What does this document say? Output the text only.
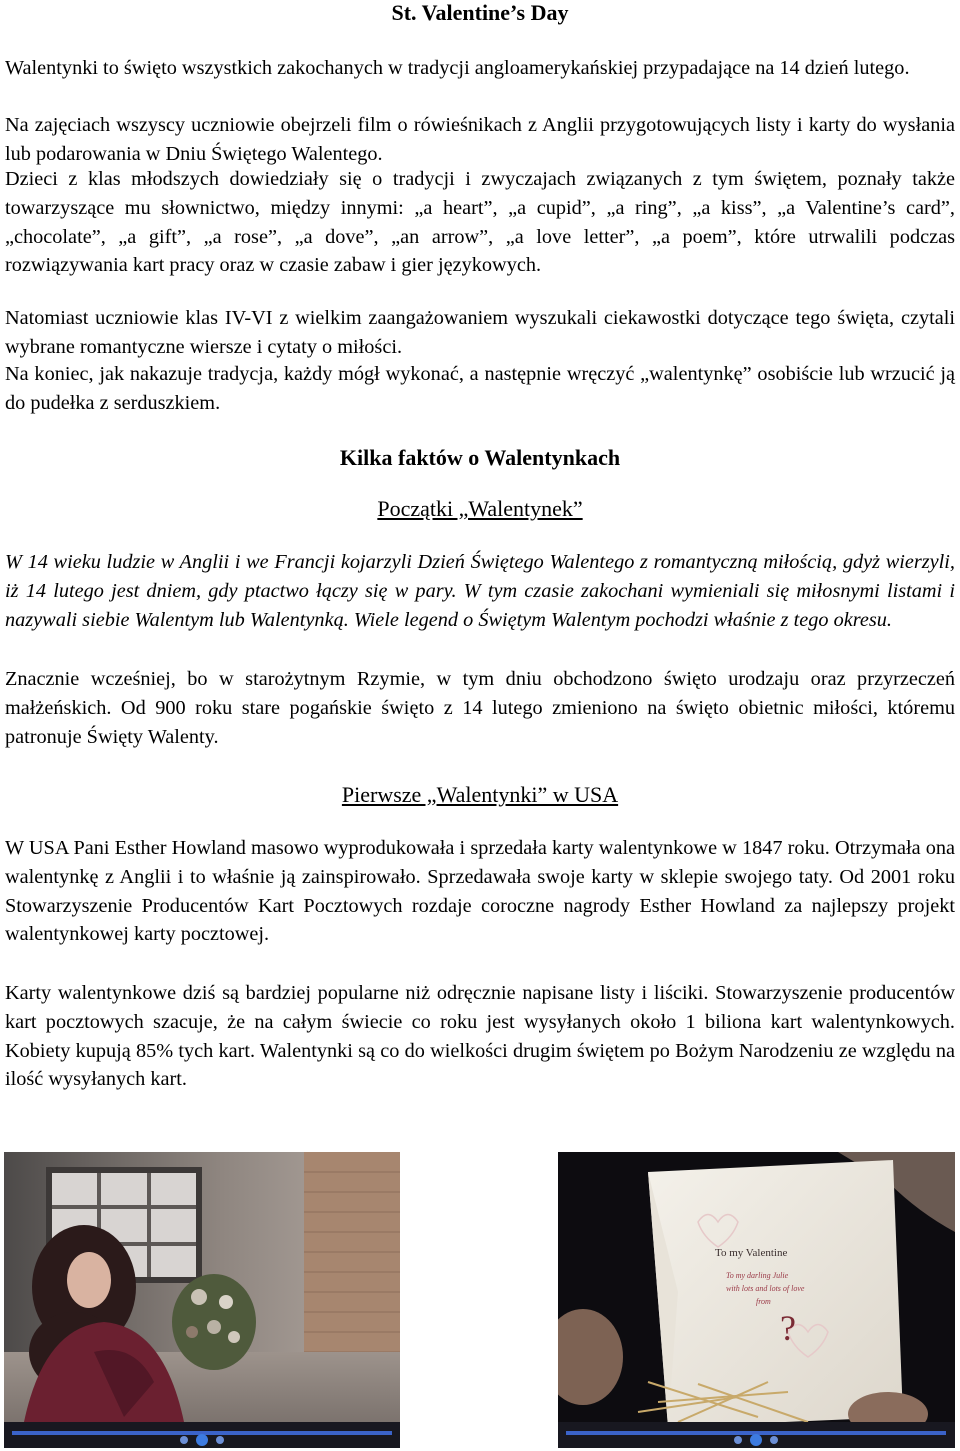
St. Valentine’s Day

Walentynki to święto wszystkich zakochanych w tradycji angloamerykańskiej przypadające na 14 dzień lutego.

Na zajęciach wszyscy uczniowie obejrzeli film o rówieśnikach z Anglii przygotowujących listy i karty do wysłania lub podarowania w Dniu Świętego Walentego.

Dzieci z klas młodszych dowiedziały się o tradycji i zwyczajach związanych z tym świętem, poznały także towarzyszące mu słownictwo, między innymi: „a heart”, „a cupid”, „a ring”, „a kiss”, „a Valentine’s card”, „chocolate”, „a gift”, „a rose”, „a dove”, „an arrow”, „a love letter”, „a poem”, które utrwalili podczas rozwiązywania kart pracy oraz w czasie zabaw i gier językowych.

Natomiast uczniowie klas IV-VI z wielkim zaangażowaniem wyszukali ciekawostki dotyczące tego święta, czytali wybrane romantyczne wiersze i cytaty o miłości.

Na koniec, jak nakazuje tradycja, każdy mógł wykonać, a następnie wręczyć „walentynkę” osobiście lub wrzucić ją do pudełka z serduszkiem.

Kilka faktów o Walentynkach
Początki „Walentynek”

W 14 wieku ludzie w Anglii i we Francji kojarzyli Dzień Świętego Walentego z romantyczną miłością, gdyż wierzyli, iż 14 lutego jest dniem, gdy ptactwo łączy się w pary. W tym czasie zakochani wymieniali się miłosnymi listami i nazywali siebie Walentym lub Walentynką. Wiele legend o Świętym Walentym pochodzi właśnie z tego okresu.

Znacznie wcześniej, bo w starożytnym Rzymie, w tym dniu obchodzono święto urodzaju oraz przyrzeczeń małżeńskich. Od 900 roku stare pogańskie święto z 14 lutego zmieniono na święto obietnic miłości, któremu patronuje Święty Walenty.

Pierwsze „Walentynki” w USA

W USA Pani Esther Howland masowo wyprodukowała i sprzedała karty walentynkowe w 1847 roku. Otrzymała ona walentynkę z Anglii i to właśnie ją zainspirowało. Sprzedawała swoje karty w sklepie swojego taty. Od 2001 roku Stowarzyszenie Producentów Kart Pocztowych rozdaje coroczne nagrody Esther Howland za najlepszy projekt walentynkowej karty pocztowej.

Karty walentynkowe dziś są bardziej popularne niż odręcznie napisane listy i liściki. Stowarzyszenie producentów kart pocztowych szacuje, że na całym świecie co roku jest wysyłanych około 1 biliona kart walentynkowych. Kobiety kupują 85% tych kart. Walentynki są co do wielkości drugim świętem po Bożym Narodzeniu ze względu na ilość wysyłanych kart.

To my Valentine
To my darling Julie
with lots and lots of love
from
?
